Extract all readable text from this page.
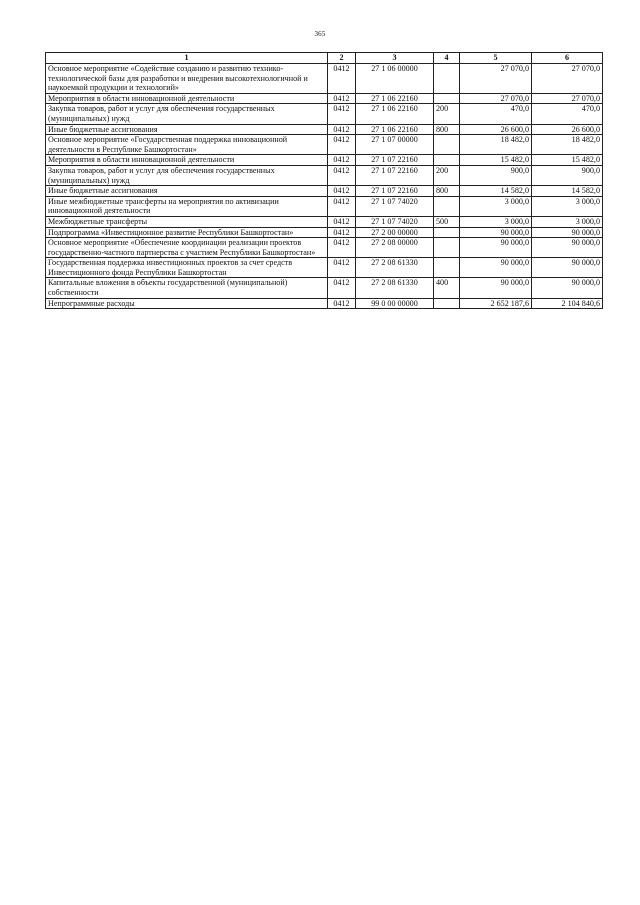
365
1	2	3	4	5	6
Основное мероприятие «Содействие созданию и развитию технико-технологической базы для разработки и внедрения высокотехнологичной и наукоемкой продукции и технологий»	0412	27 1 06 00000		27 070,0	27 070,0
Мероприятия в области инновационной деятельности	0412	27 1 06 22160		27 070,0	27 070,0
Закупка товаров, работ и услуг для обеспечения государственных (муниципальных) нужд	0412	27 1 06 22160	200	470,0	470,0
Иные бюджетные ассигнования	0412	27 1 06 22160	800	26 600,0	26 600,0
Основное мероприятие «Государственная поддержка инновационной деятельности в Республике Башкортостан»	0412	27 1 07 00000		18 482,0	18 482,0
Мероприятия в области инновационной деятельности	0412	27 1 07 22160		15 482,0	15 482,0
Закупка товаров, работ и услуг для обеспечения государственных (муниципальных) нужд	0412	27 1 07 22160	200	900,0	900,0
Иные бюджетные ассигнования	0412	27 1 07 22160	800	14 582,0	14 582,0
Иные межбюджетные трансферты на мероприятия по активизации инновационной деятельности	0412	27 1 07 74020		3 000,0	3 000,0
Межбюджетные трансферты	0412	27 1 07 74020	500	3 000,0	3 000,0
Подпрограмма «Инвестиционное развитие Республики Башкортостан»	0412	27 2 00 00000		90 000,0	90 000,0
Основное мероприятие «Обеспечение координации реализации проектов государственно-частного партнерства с участием Республики Башкортостан»	0412	27 2 08 00000		90 000,0	90 000,0
Государственная поддержка инвестиционных проектов за счет средств Инвестиционного фонда Республики Башкортостан	0412	27 2 08 61330		90 000,0	90 000,0
Капитальные вложения в объекты государственной (муниципальной) собственности	0412	27 2 08 61330	400	90 000,0	90 000,0
Непрограммные расходы	0412	99 0 00 00000		2 652 187,6	2 104 840,6
